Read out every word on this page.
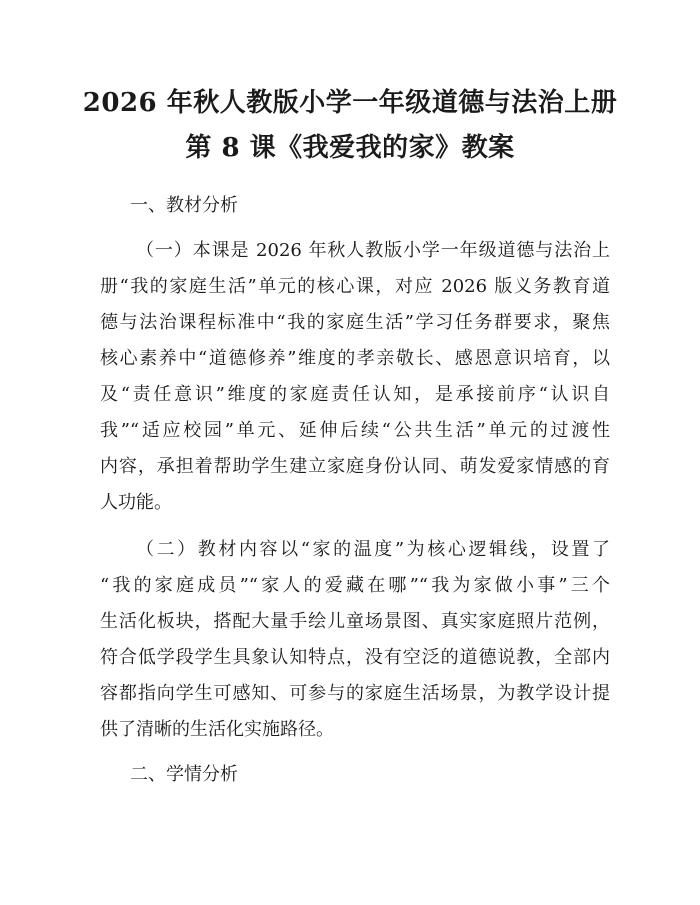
2026 年秋人教版小学一年级道德与法治上册
第 8 课《我爱我的家》教案
一、教材分析
（一）本课是 2026 年秋人教版小学一年级道德与法治上
册“我的家庭生活”单元的核心课，对应 2026 版义务教育道
德与法治课程标准中“我的家庭生活”学习任务群要求，聚焦
核心素养中“道德修养”维度的孝亲敬长、感恩意识培育，以
及“责任意识”维度的家庭责任认知，是承接前序“认识自
我”“适应校园”单元、延伸后续“公共生活”单元的过渡性
内容，承担着帮助学生建立家庭身份认同、萌发爱家情感的育
人功能。
（二）教材内容以“家的温度”为核心逻辑线，设置了
“我的家庭成员”“家人的爱藏在哪”“我为家做小事”三个
生活化板块，搭配大量手绘儿童场景图、真实家庭照片范例，
符合低学段学生具象认知特点，没有空泛的道德说教，全部内
容都指向学生可感知、可参与的家庭生活场景，为教学设计提
供了清晰的生活化实施路径。
二、学情分析
